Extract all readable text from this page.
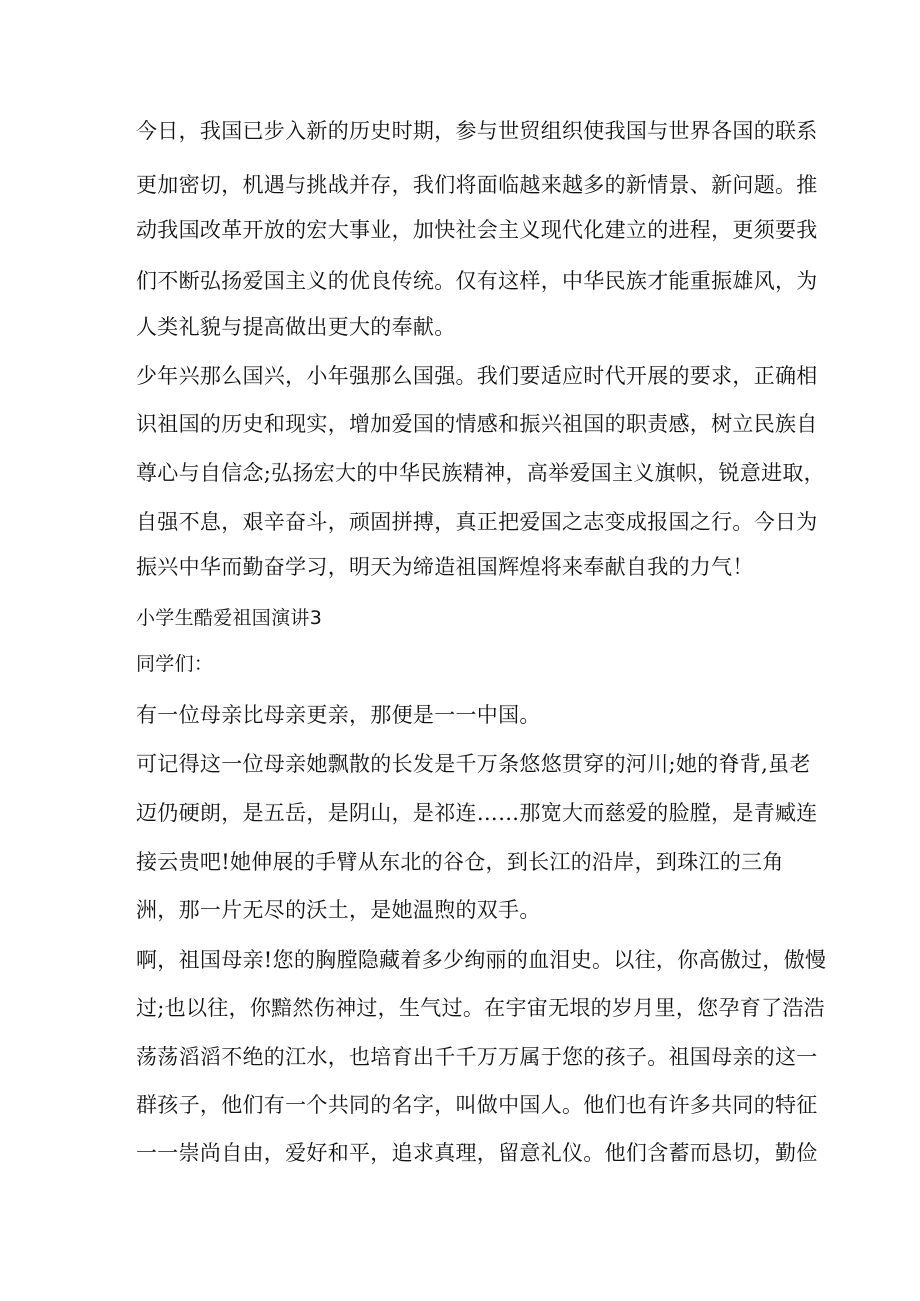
今日，我国已步入新的历史时期，参与世贸组织使我国与世界各国的联系
更加密切，机遇与挑战并存，我们将面临越来越多的新情景、新问题。推
动我国改革开放的宏大事业，加快社会主义现代化建立的进程，更须要我
们不断弘扬爱国主义的优良传统。仅有这样，中华民族才能重振雄风，为
人类礼貌与提高做出更大的奉献。
少年兴那么国兴，小年强那么国强。我们要适应时代开展的要求，正确相
识祖国的历史和现实，增加爱国的情感和振兴祖国的职责感，树立民族自
尊心与自信念;弘扬宏大的中华民族精神，高举爱国主义旗帜，锐意进取，
自强不息，艰辛奋斗，顽固拼搏，真正把爱国之志变成报国之行。今日为
振兴中华而勤奋学习，明天为缔造祖国辉煌将来奉献自我的力气！
小学生酷爱祖国演讲3
同学们：
有一位母亲比母亲更亲，那便是一一中国。
可记得这一位母亲她飘散的长发是千万条悠悠贯穿的河川;她的脊背,虽老
迈仍硬朗，是五岳，是阴山，是祁连……那宽大而慈爱的脸膛，是青臧连
接云贵吧!她伸展的手臂从东北的谷仓，到长江的沿岸，到珠江的三角
洲，那一片无尽的沃土，是她温煦的双手。
啊，祖国母亲!您的胸膛隐藏着多少绚丽的血泪史。以往，你高傲过，傲慢
过;也以往，你黯然伤神过，生气过。在宇宙无垠的岁月里，您孕育了浩浩
荡荡滔滔不绝的江水，也培育出千千万万属于您的孩子。祖国母亲的这一
群孩子，他们有一个共同的名字，叫做中国人。他们也有许多共同的特征
一一崇尚自由，爱好和平，追求真理，留意礼仪。他们含蓄而恳切，勤俭
